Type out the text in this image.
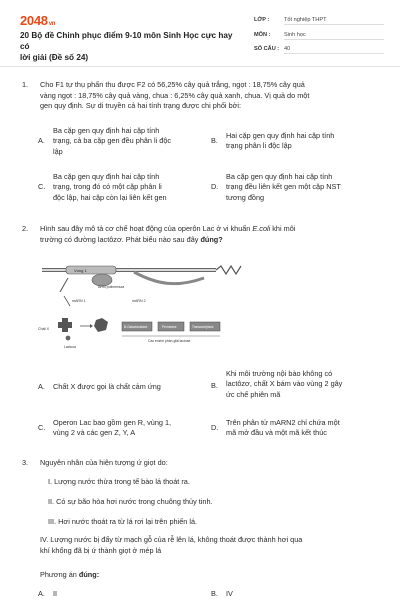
2048vn
20 Bộ đề Chinh phục điểm 9-10 môn Sinh Học cực hay có
lời giải (Đề số 24)
LỚP :	Tốt nghiệp THPT
MÔN : Sinh học
SỐ CÂU : 40
1. Cho F1 tự thụ phấn thu được F2 có 56,25% cây quả trắng, ngọt : 18,75% cây quả
vàng ngọt : 18,75% cây quả vàng, chua : 6,25% cây quả xanh, chua. Vị quả do một
gen quy định. Sự di truyền cả hai tính trạng được chi phối bởi:
A.
Ba cặp gen quy định hai cặp tính
trạng, cả ba cặp gen đều phân li độc
lập
B.
Hai cặp gen quy định hai cặp tính
trạng phân li độc lập
C.
Ba cặp gen quy định hai cặp tính
trạng, trong đó có một cặp phân li
độc lập, hai cặp còn lại liên kết gen
D.
Ba cặp gen quy định hai cặp tính
trạng đều liên kết gen một cặp NST
tương đồng
2. Hình sau đây mô tả cơ chế hoạt động của operôn Lac ở vi khuẩn E.coli khi môi
trường có đường lactôzơ. Phát biểu nào sau đây đúng?
Vùng 1
ARN polimeraza
mARN 2
mARN 1
Chất X
Lactoza
B-Galactosidase	Permease	Transacetylase
Các enzim phân giải lactose
A. Chất X được gọi là chất cảm ứng	B.
Khi môi trường nội bào không có
lactôzơ, chất X bám vào vùng 2 gây
ức chế phiên mã
C.
Operon Lac bao gồm gen R, vùng 1,
vùng 2 và các gen Z, Y, A
D.
Trên phân tử mARN2 chỉ chứa một
mã mở đầu và một mã kết thúc
3. Nguyên nhân của hiện tượng ứ giọt do:
I. Lượng nước thừa trong tế bào lá thoát ra.
II. Có sự bão hòa hơi nước trong chuông thủy tinh.
III. Hơi nước thoát ra từ lá rơi lại trên phiến lá.
IV. Lượng nước bị đẩy từ mạch gỗ của rễ lên lá, không thoát được thành hơi qua
khí khổng đã bị ứ thành giọt ở mép lá
Phương án đúng:
A. II	B. IV
